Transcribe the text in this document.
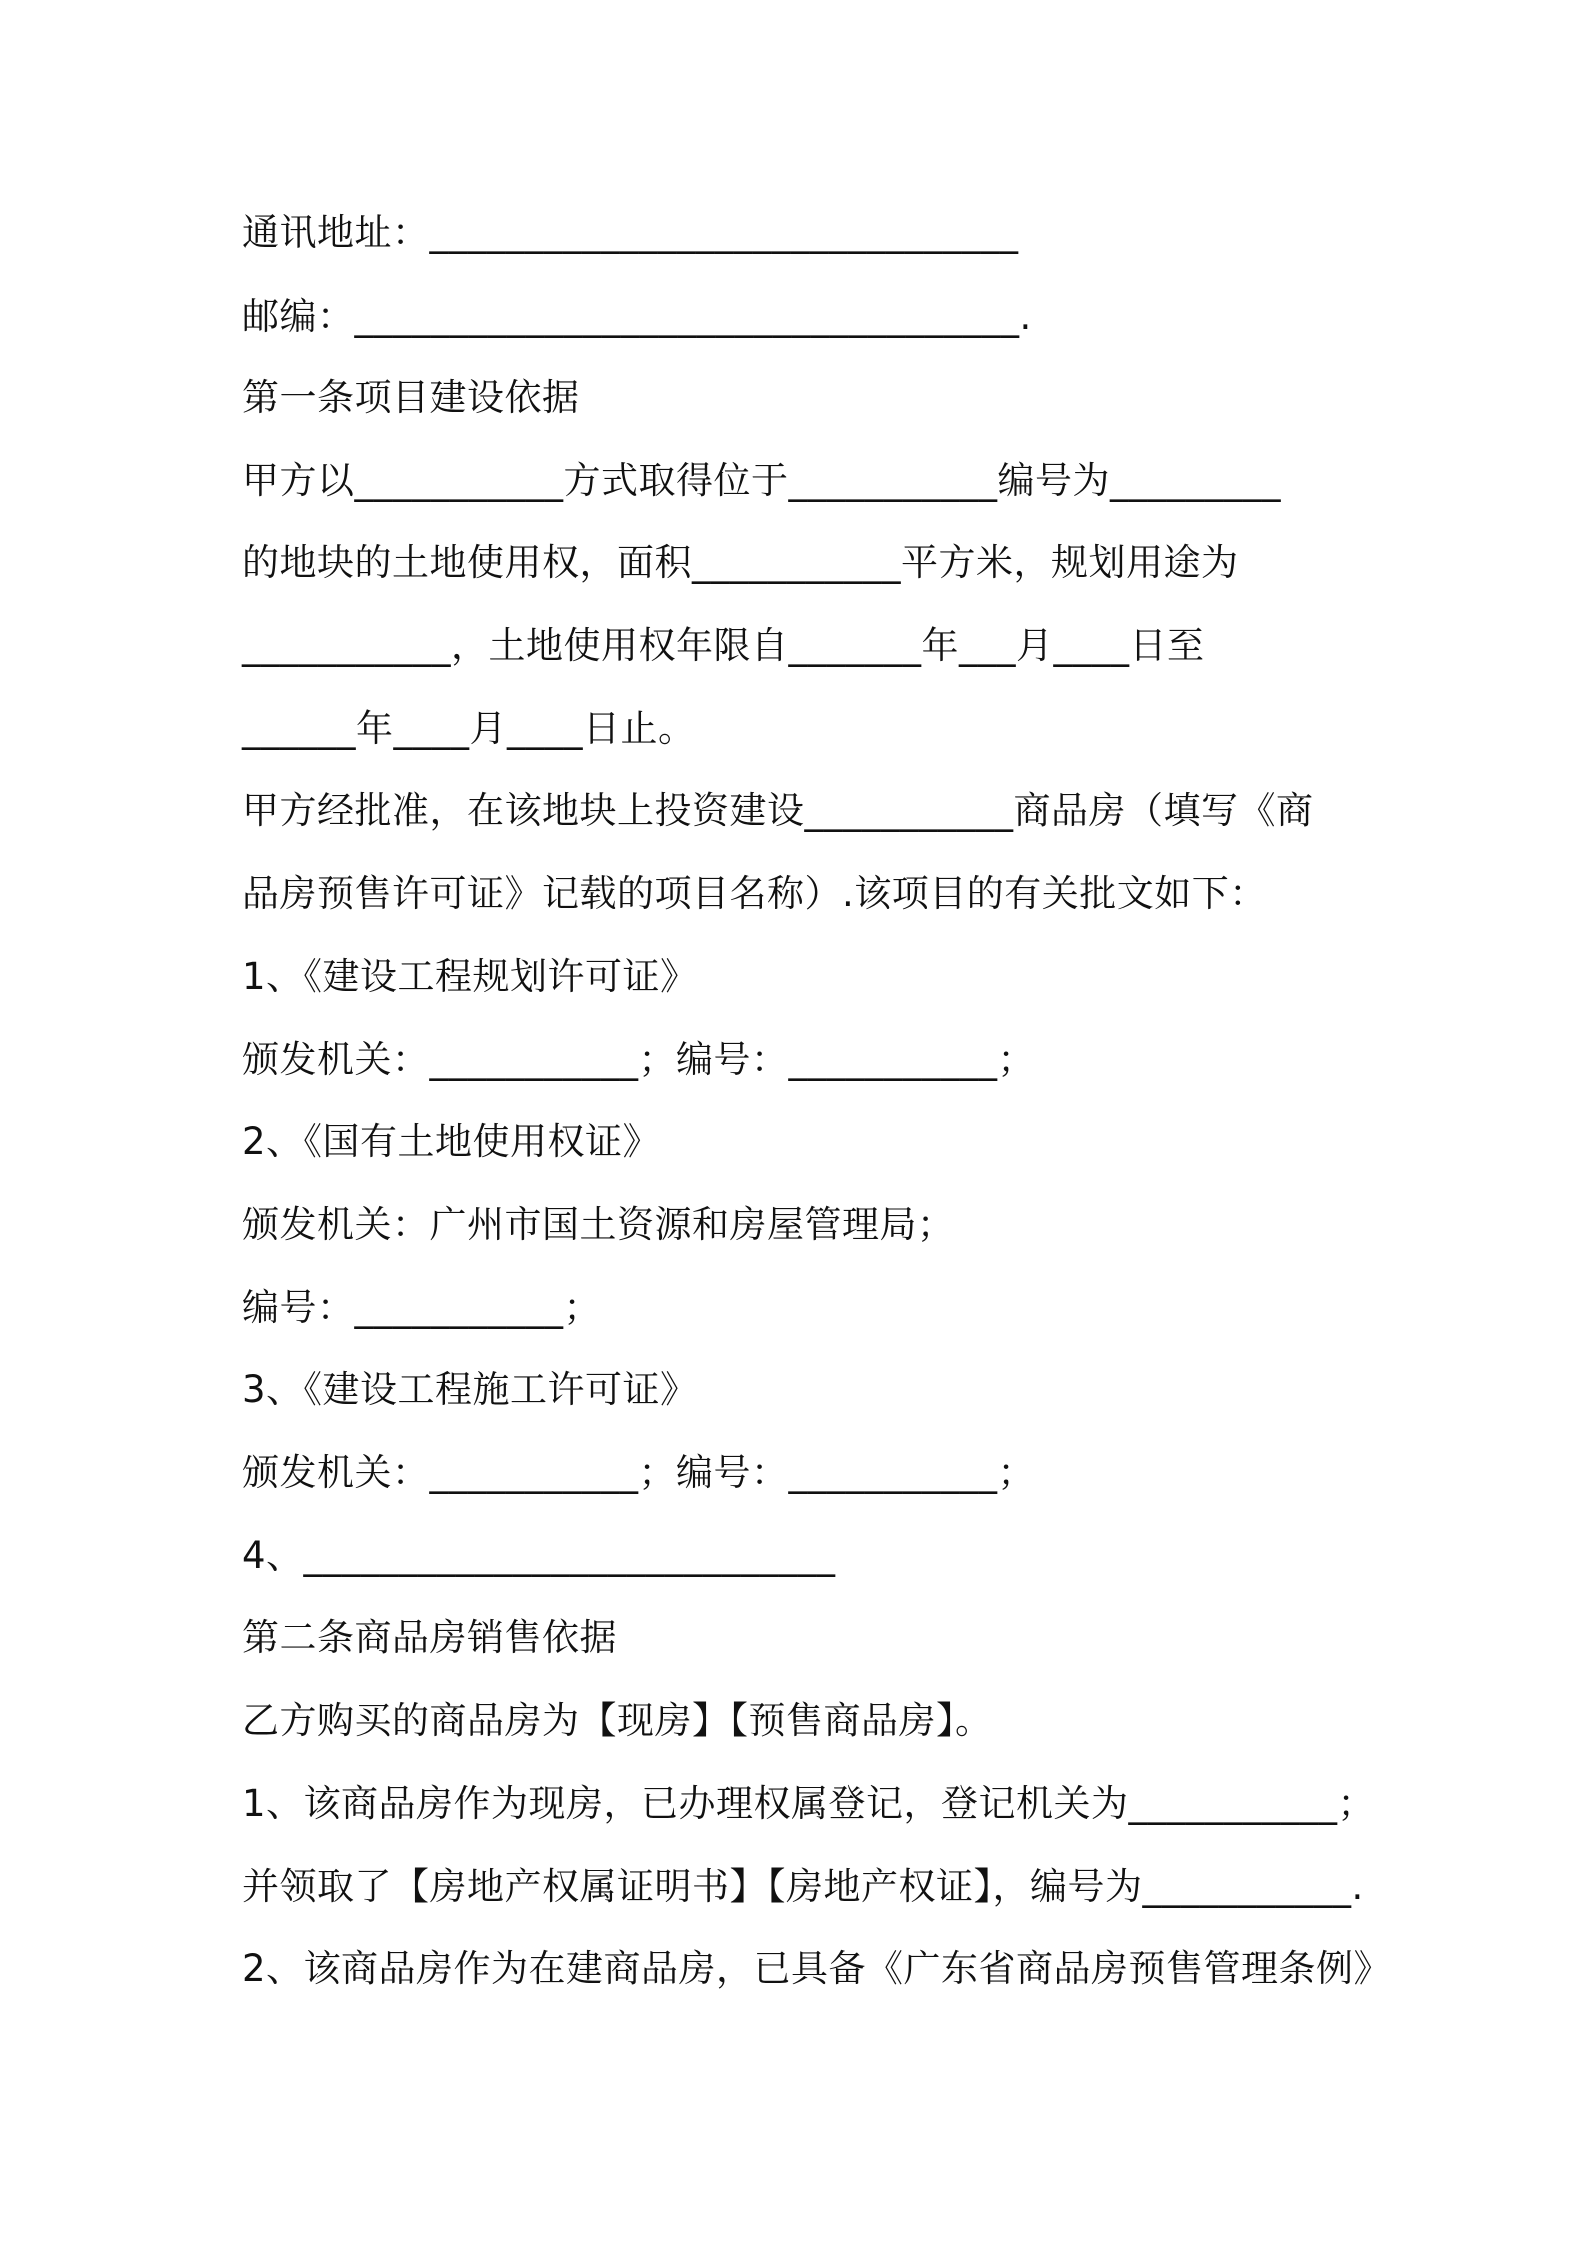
通讯地址：_______________________________

邮编：___________________________________.

第一条项目建设依据

甲方以___________方式取得位于___________编号为_________

的地块的土地使用权，面积___________平方米，规划用途为

___________，土地使用权年限自_______年___月____日至

______年____月____日止。

甲方经批准，在该地块上投资建设___________商品房（填写《商

品房预售许可证》记载的项目名称）.该项目的有关批文如下：

1、《建设工程规划许可证》

颁发机关：___________；编号：___________；

2、《国有土地使用权证》

颁发机关：广州市国土资源和房屋管理局；

编号：___________；

3、《建设工程施工许可证》

颁发机关：___________；编号：___________；

4、____________________________

第二条商品房销售依据

乙方购买的商品房为【现房】【预售商品房】。

1、该商品房作为现房，已办理权属登记，登记机关为___________；

并领取了【房地产权属证明书】【房地产权证】，编号为___________.

2、该商品房作为在建商品房，已具备《广东省商品房预售管理条例》
